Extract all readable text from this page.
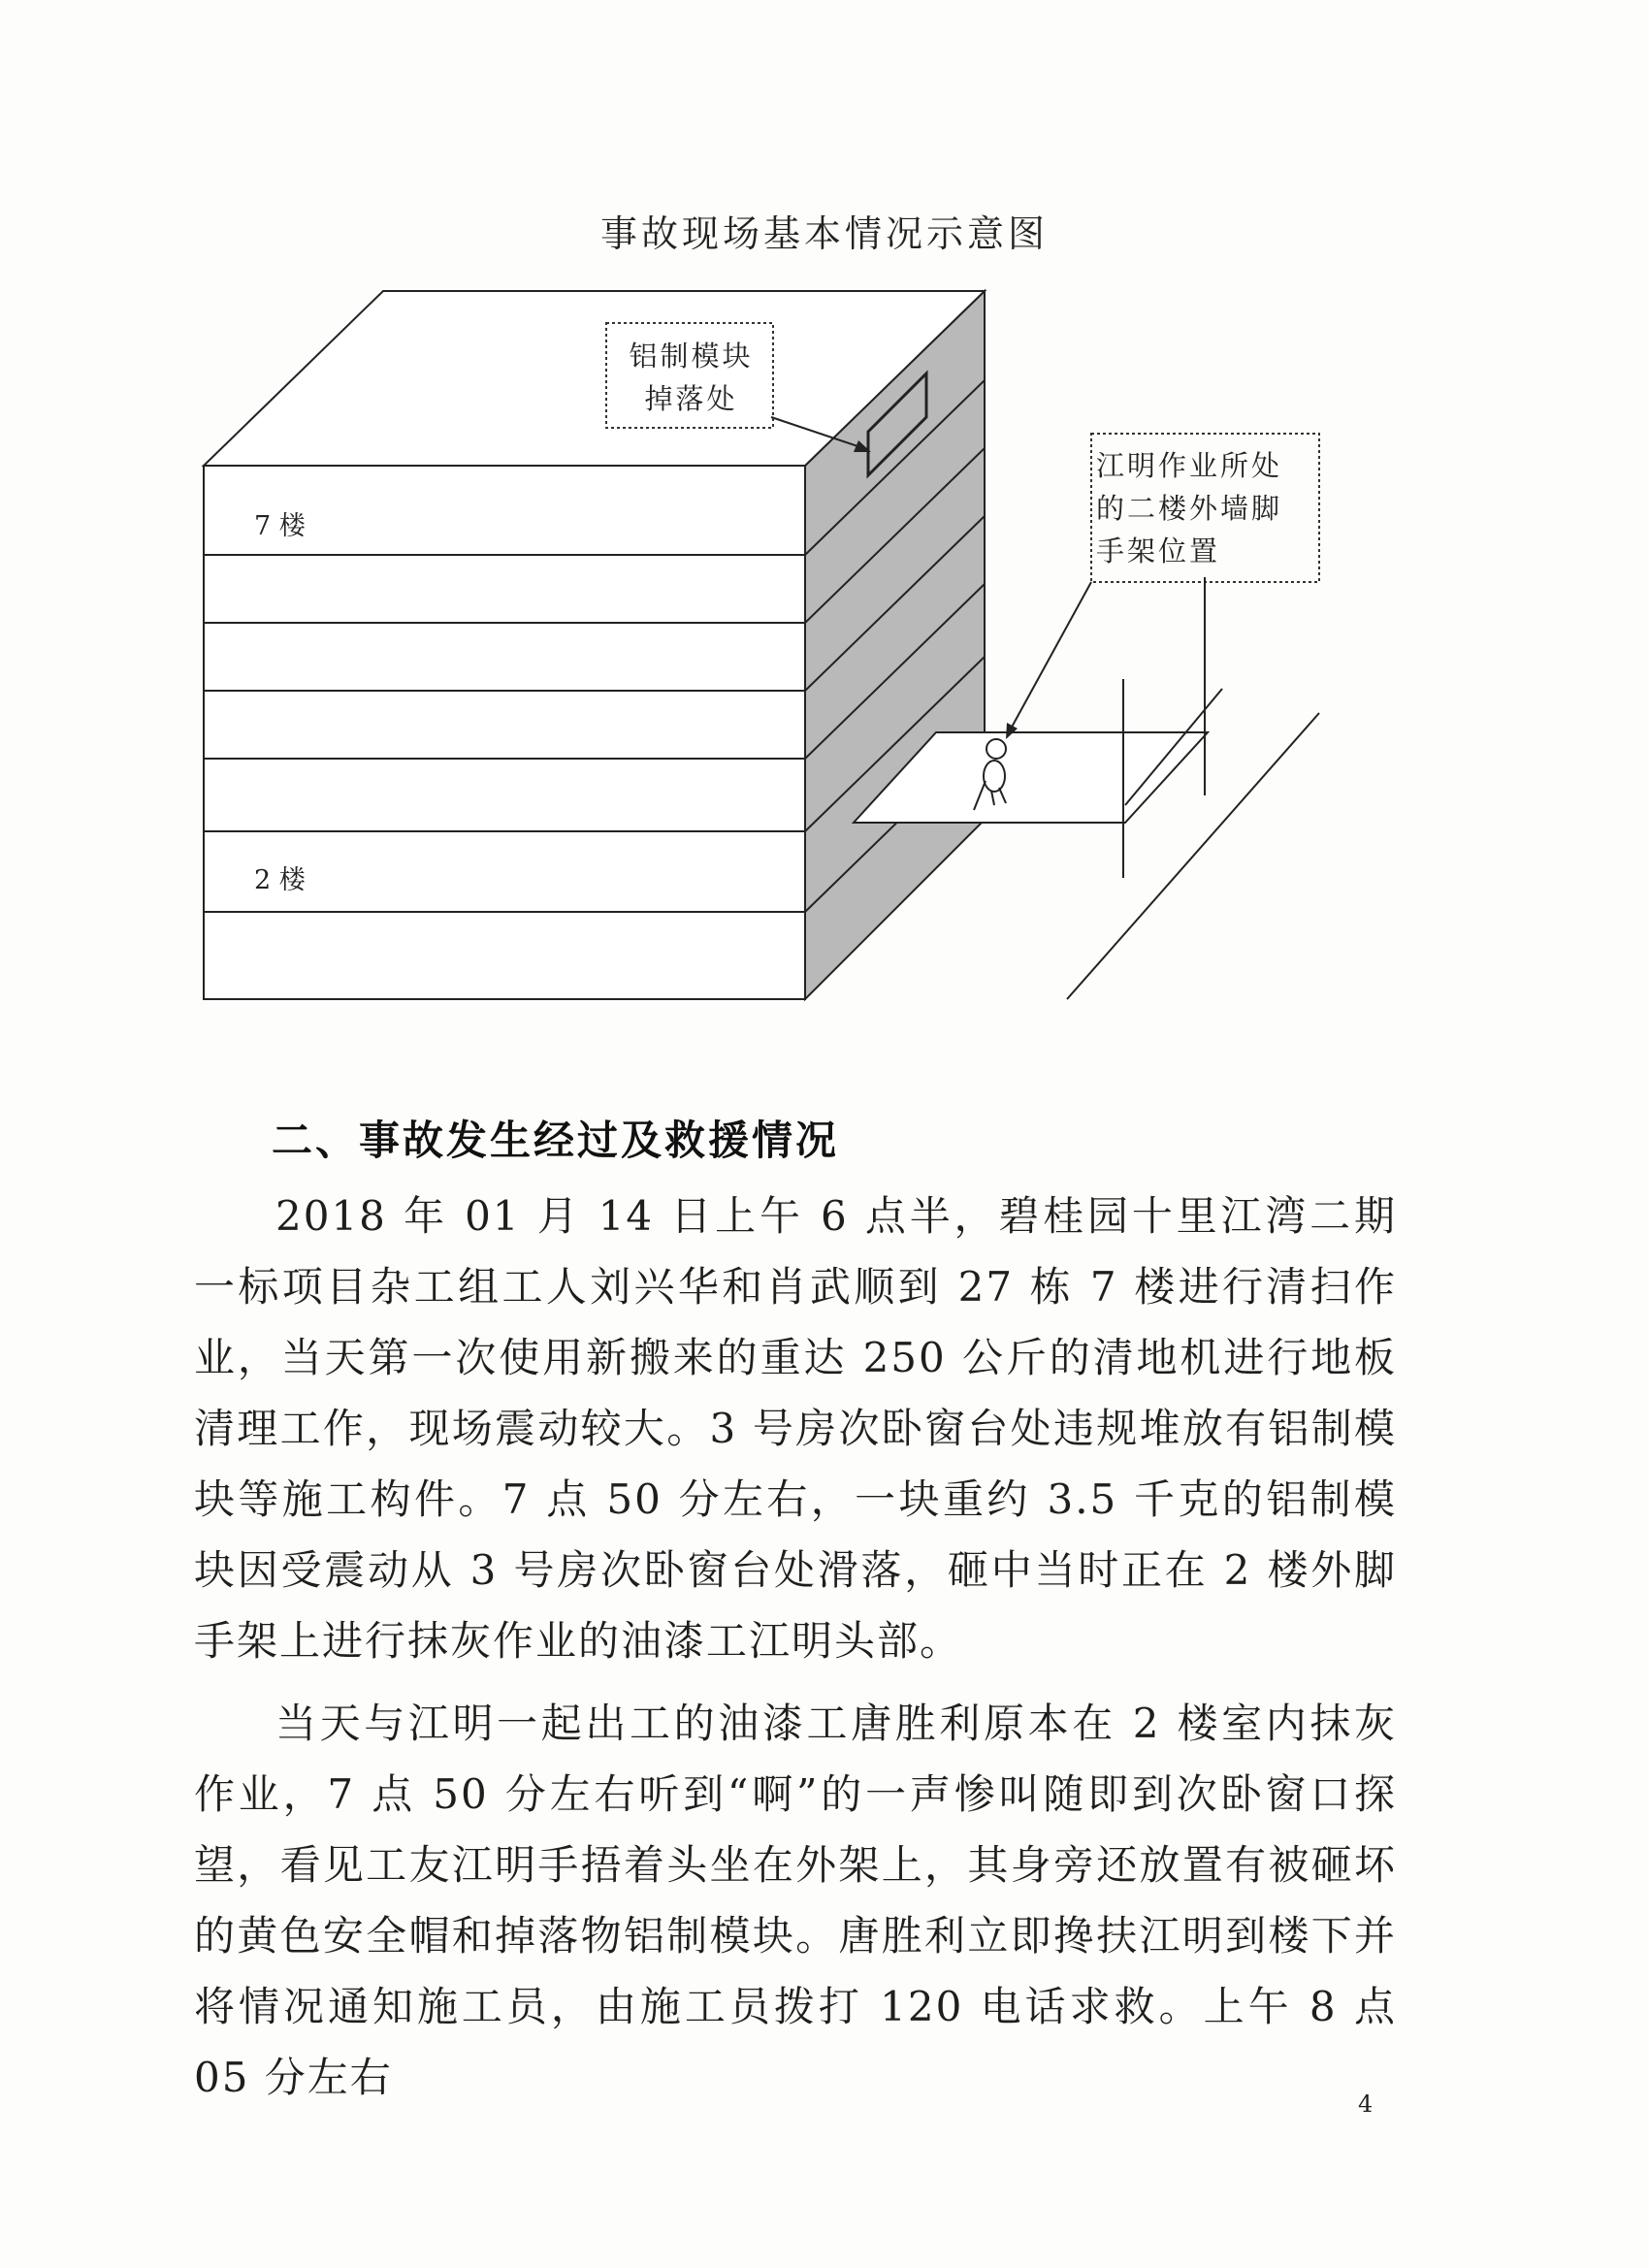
事故现场基本情况示意图
铝制模块
掉落处
江明作业所处
的二楼外墙脚
手架位置
7 楼
2 楼
二、事故发生经过及救援情况

2018 年 01 月 14 日上午 6 点半，碧桂园十里江湾二期一标项目杂工组工人刘兴华和肖武顺到 27 栋 7 楼进行清扫作业，当天第一次使用新搬来的重达 250 公斤的清地机进行地板清理工作，现场震动较大。3 号房次卧窗台处违规堆放有铝制模块等施工构件。7 点 50 分左右，一块重约 3.5 千克的铝制模块因受震动从 3 号房次卧窗台处滑落，砸中当时正在 2 楼外脚手架上进行抹灰作业的油漆工江明头部。

当天与江明一起出工的油漆工唐胜利原本在 2 楼室内抹灰作业，7 点 50 分左右听到“啊”的一声惨叫随即到次卧窗口探望，看见工友江明手捂着头坐在外架上，其身旁还放置有被砸坏的黄色安全帽和掉落物铝制模块。唐胜利立即搀扶江明到楼下并将情况通知施工员，由施工员拨打 120 电话求救。上午 8 点 05 分左右

4
